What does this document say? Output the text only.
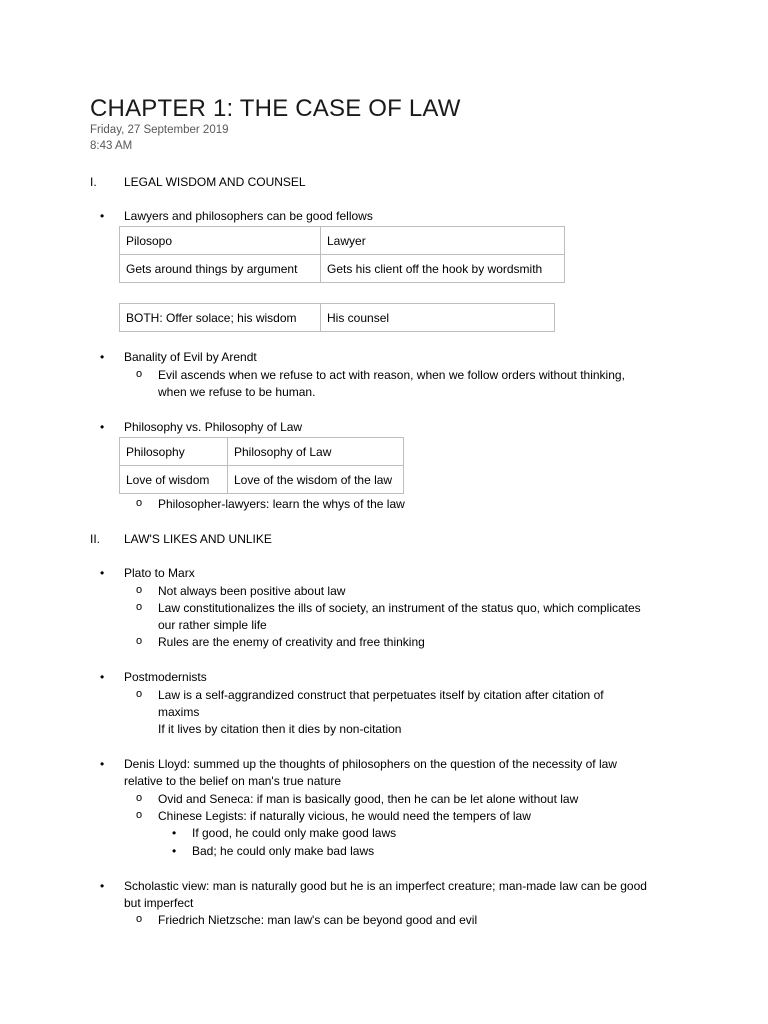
CHAPTER 1: THE CASE OF LAW
Friday, 27 September 2019
8:43 AM
I. LEGAL WISDOM AND COUNSEL
• Lawyers and philosophers can be good fellows
Pilosopo	Lawyer
Gets around things by argument	Gets his client off the hook by wordsmith
BOTH: Offer solace; his wisdom	His counsel
• Banality of Evil by Arendt
o Evil ascends when we refuse to act with reason, when we follow orders without thinking,
when we refuse to be human.
• Philosophy vs. Philosophy of Law
Philosophy	Philosophy of Law
Love of wisdom	Love of the wisdom of the law
o Philosopher-lawyers: learn the whys of the law
II. LAW'S LIKES AND UNLIKE
• Plato to Marx
o Not always been positive about law
o Law constitutionalizes the ills of society, an instrument of the status quo, which complicates
our rather simple life
o Rules are the enemy of creativity and free thinking
• Postmodernists
o Law is a self-aggrandized construct that perpetuates itself by citation after citation of
maxims
If it lives by citation then it dies by non-citation
• Denis Lloyd: summed up the thoughts of philosophers on the question of the necessity of law
relative to the belief on man's true nature
o Ovid and Seneca: if man is basically good, then he can be let alone without law
o Chinese Legists: if naturally vicious, he would need the tempers of law
• If good, he could only make good laws
• Bad; he could only make bad laws
• Scholastic view: man is naturally good but he is an imperfect creature; man-made law can be good
but imperfect
o Friedrich Nietzsche: man law's can be beyond good and evil
